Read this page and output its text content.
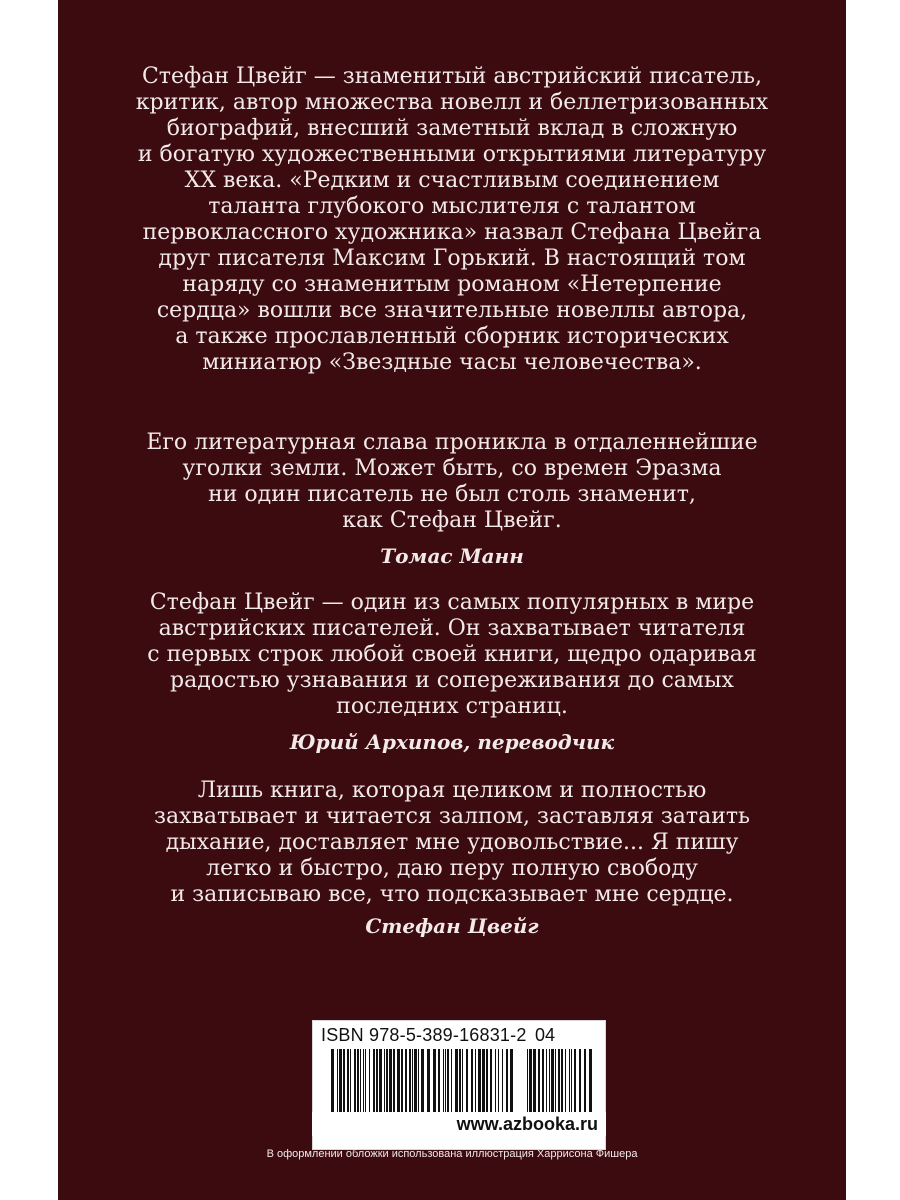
Стефан Цвейг — знаменитый австрийский писатель,
критик, автор множества новелл и беллетризованных
биографий, внесший заметный вклад в сложную
и богатую художественными открытиями литературу
XX века. «Редким и счастливым соединением
таланта глубокого мыслителя с талантом
первоклассного художника» назвал Стефана Цвейга
друг писателя Максим Горький. В настоящий том
наряду со знаменитым романом «Нетерпение
сердца» вошли все значительные новеллы автора,
а также прославленный сборник исторических
миниатюр «Звездные часы человечества».
Его литературная слава проникла в отдаленнейшие
уголки земли. Может быть, со времен Эразма
ни один писатель не был столь знаменит,
как Стефан Цвейг.
Томас Манн
Стефан Цвейг — один из самых популярных в мире
австрийских писателей. Он захватывает читателя
с первых строк любой своей книги, щедро одаривая
радостью узнавания и сопереживания до самых
последних страниц.
Юрий Архипов, переводчик
Лишь книга, которая целиком и полностью
захватывает и читается залпом, заставляя затаить
дыхание, доставляет мне удовольствие... Я пишу
легко и быстро, даю перу полную свободу
и записываю все, что подсказывает мне сердце.
Стефан Цвейг
ISBN 978-5-389-16831-2 04
www.azbooka.ru
В оформлении обложки использована иллюстрация Харрисона Фишера
